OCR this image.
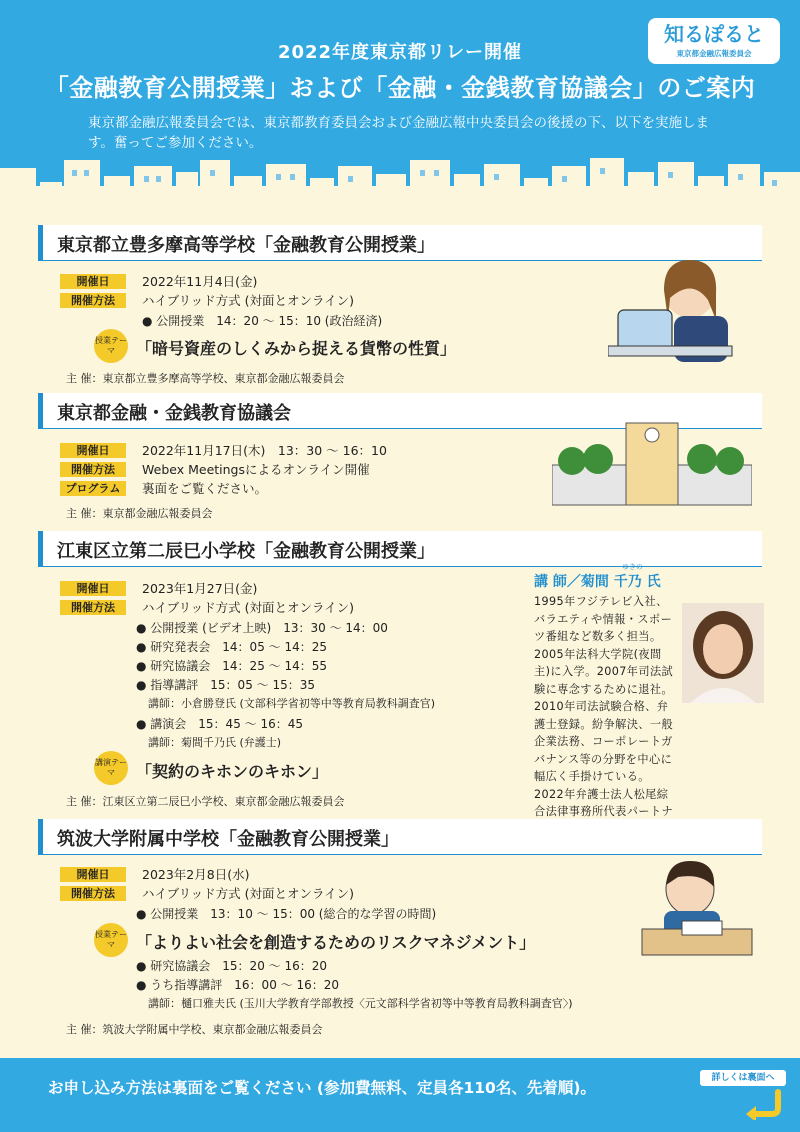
2022年度東京都リレー開催
「金融教育公開授業」および「金融・金銭教育協議会」のご案内
東京都金融広報委員会では、東京都教育委員会および金融広報中央委員会の後援の下、以下を実施します。奮ってご参加ください。
知るぽると
東京都金融広報委員会
東京都立豊多摩高等学校「金融教育公開授業」
開催日	2022年11月4日(金)
開催方法	ハイブリッド方式 (対面とオンライン)
● 公開授業　14：20 ～ 15：10 (政治経済)
授業テーマ	「暗号資産のしくみから捉える貨幣の性質」
主 催：東京都立豊多摩高等学校、東京都金融広報委員会
東京都金融・金銭教育協議会
開催日	2022年11月17日(木)　13：30 ～ 16：10
開催方法	Webex Meetingsによるオンライン開催
プログラム	裏面をご覧ください。
主 催：東京都金融広報委員会
江東区立第二辰巳小学校「金融教育公開授業」
開催日	2023年1月27日(金)
開催方法	ハイブリッド方式 (対面とオンライン)
● 公開授業 (ビデオ上映)　13：30 ～ 14：00
● 研究発表会　14：05 ～ 14：25
● 研究協議会　14：25 ～ 14：55
● 指導講評　15：05 ～ 15：35
講師：小倉勝登氏 (文部科学省初等中等教育局教科調査官)
● 講演会　15：45 ～ 16：45
講師：菊間千乃氏 (弁護士)
講演テーマ	「契約のキホンのキホン」
主 催：江東区立第二辰巳小学校、東京都金融広報委員会
ゆきの
講 師／菊間 千乃 氏
1995年フジテレビ入社、バラエティや情報・スポーツ番組など数多く担当。2005年法科大学院(夜間主)に入学。2007年司法試験に専念するために退社。2010年司法試験合格、弁護士登録。紛争解決、一般企業法務、コーポレートガバナンス等の分野を中心に幅広く手掛けている。2022年弁護士法人松尾綜合法律事務所代表パートナ
筑波大学附属中学校「金融教育公開授業」
開催日	2023年2月8日(水)
開催方法	ハイブリッド方式 (対面とオンライン)
● 公開授業　13：10 ～ 15：00 (総合的な学習の時間)
授業テーマ	「よりよい社会を創造するためのリスクマネジメント」
● 研究協議会　15：20 ～ 16：20
● うち指導講評　16：00 ～ 16：20
講師：樋口雅夫氏 (玉川大学教育学部教授〈元文部科学省初等中等教育局教科調査官〉)
主 催：筑波大学附属中学校、東京都金融広報委員会
お申し込み方法は裏面をご覧ください (参加費無料、定員各110名、先着順)。
詳しくは裏面へ
